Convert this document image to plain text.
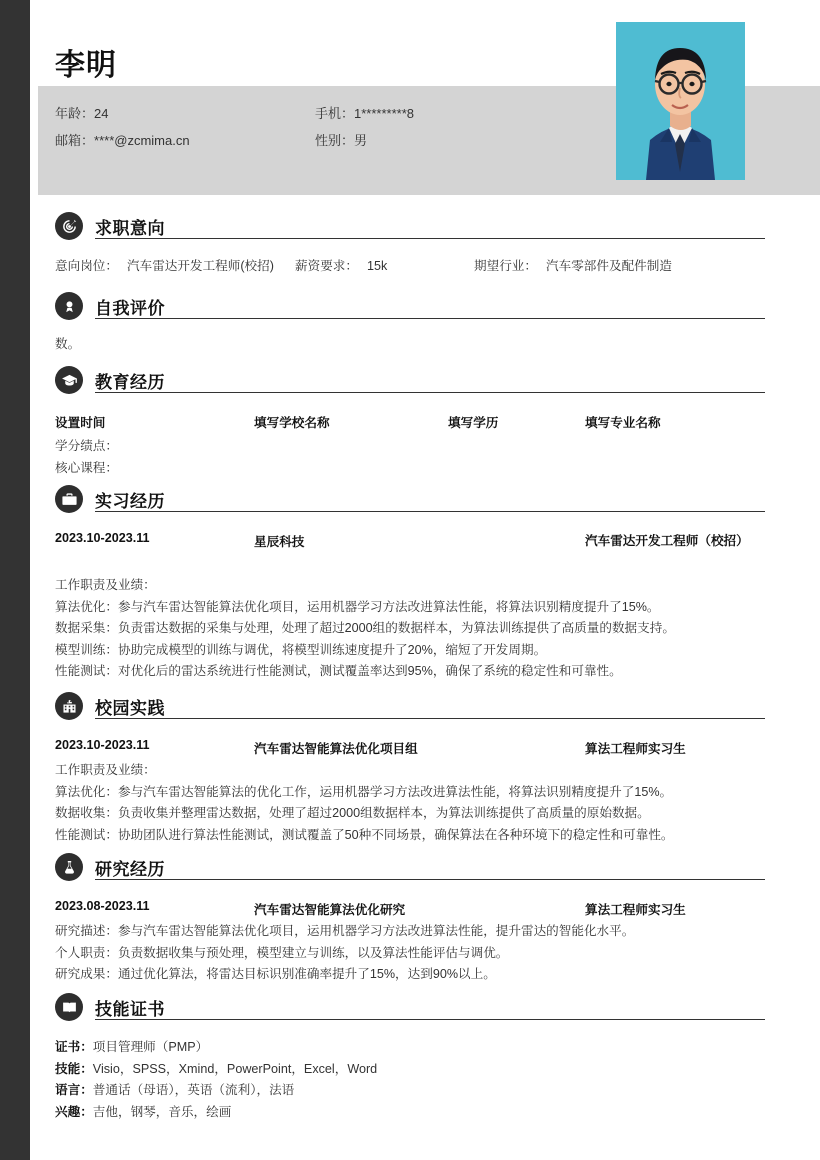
李明
年龄：24
邮箱：****@zcmima.cn
手机：1*********8
性别：男
求职意向
意向岗位： 汽车雷达开发工程师(校招) 薪资要求： 15k	期望行业： 汽车零部件及配件制造
自我评价
数。
教育经历
设置时间	填写学校名称	填写学历	填写专业名称
学分绩点：
核心课程：
实习经历
2023.10-2023.11	星辰科技	汽车雷达开发工程师（校招）
工作职责及业绩：
算法优化：参与汽车雷达智能算法优化项目，运用机器学习方法改进算法性能，将算法识别精度提升了15%。
数据采集：负责雷达数据的采集与处理，处理了超过2000组的数据样本，为算法训练提供了高质量的数据支持。
模型训练：协助完成模型的训练与调优，将模型训练速度提升了20%，缩短了开发周期。
性能测试：对优化后的雷达系统进行性能测试，测试覆盖率达到95%，确保了系统的稳定性和可靠性。
校园实践
2023.10-2023.11	汽车雷达智能算法优化项目组	算法工程师实习生
工作职责及业绩：
算法优化：参与汽车雷达智能算法的优化工作，运用机器学习方法改进算法性能，将算法识别精度提升了15%。
数据收集：负责收集并整理雷达数据，处理了超过2000组数据样本，为算法训练提供了高质量的原始数据。
性能测试：协助团队进行算法性能测试，测试覆盖了50种不同场景，确保算法在各种环境下的稳定性和可靠性。
研究经历
2023.08-2023.11	汽车雷达智能算法优化研究	算法工程师实习生
研究描述：参与汽车雷达智能算法优化项目，运用机器学习方法改进算法性能，提升雷达的智能化水平。
个人职责：负责数据收集与预处理，模型建立与训练，以及算法性能评估与调优。
研究成果：通过优化算法，将雷达目标识别准确率提升了15%，达到90%以上。
技能证书
证书：项目管理师（PMP）
技能：Visio，SPSS，Xmind，PowerPoint，Excel，Word
语言：普通话（母语），英语（流利），法语
兴趣：吉他，钢琴，音乐，绘画
